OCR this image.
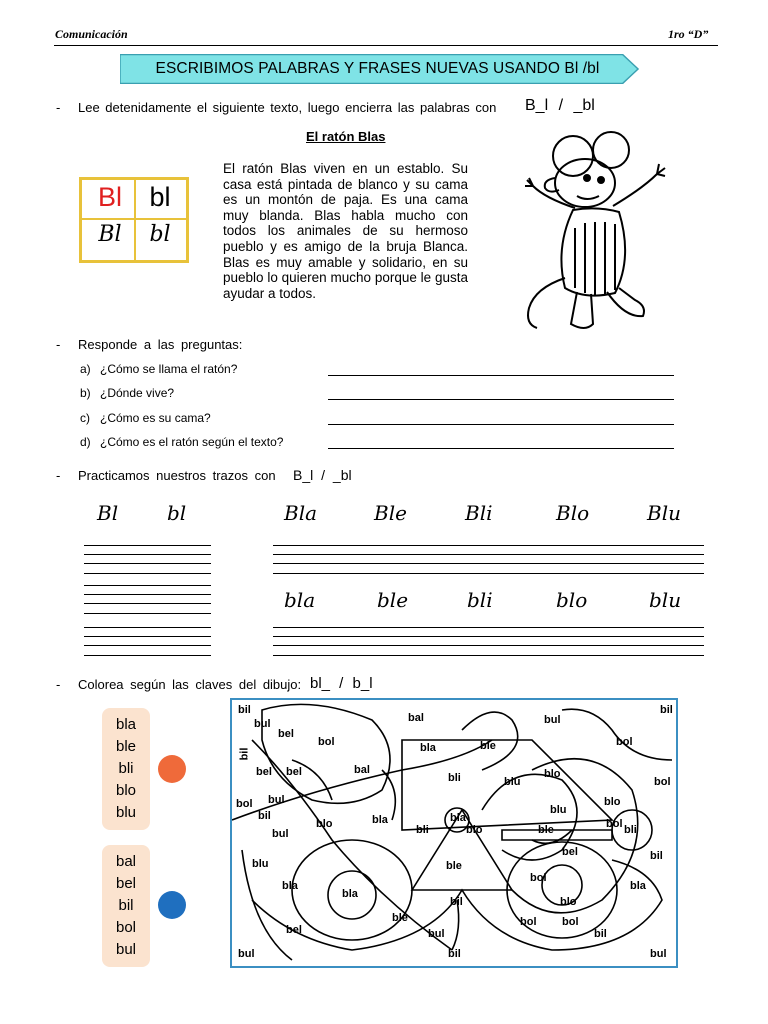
Comunicación	1ro “D”
ESCRIBIMOS PALABRAS Y FRASES NUEVAS USANDO Bl /bl
- Lee detenidamente el siguiente texto, luego encierra las palabras con B_l / _bl
Bl	bl
Bl	bl
El ratón Blas
El ratón Blas viven en un establo. Su casa está pintada de blanco y su cama es un montón de paja. Es una cama muy blanda. Blas habla mucho con todos los animales de su hermoso pueblo y es amigo de la bruja Blanca. Blas es muy amable y solidario, en su pueblo lo quieren mucho porque le gusta ayudar a todos.
- Responde a las preguntas:
a) ¿Cómo se llama el ratón?
b) ¿Dónde vive?
c) ¿Cómo es su cama?
d) ¿Cómo es el ratón según el texto?
- Practicamos nuestros trazos con B_l / _bl
Bl bl	Bla	Ble	Bli	Blo	Blu
bla	ble	bli	blo	blu
- Colorea según las claves del dibujo: bl_ / b_l
bla
ble
bli
blo
blu
bal
bel
bil
bol
bul
bil
bul
bel
bal	bul
bil
bol	bla	ble	bol
bil
bel bel	bal
bli	blu
blo
bol
bul
bul
bil
bol
blo	bla	bla
blo
blu
bli
blo
ble	bli
bol
bel
blu
bla
ble
bol
blo
bla
ble
bla
bil
bol
bel	bul	bil
bul	bil	bul
bil
bol
